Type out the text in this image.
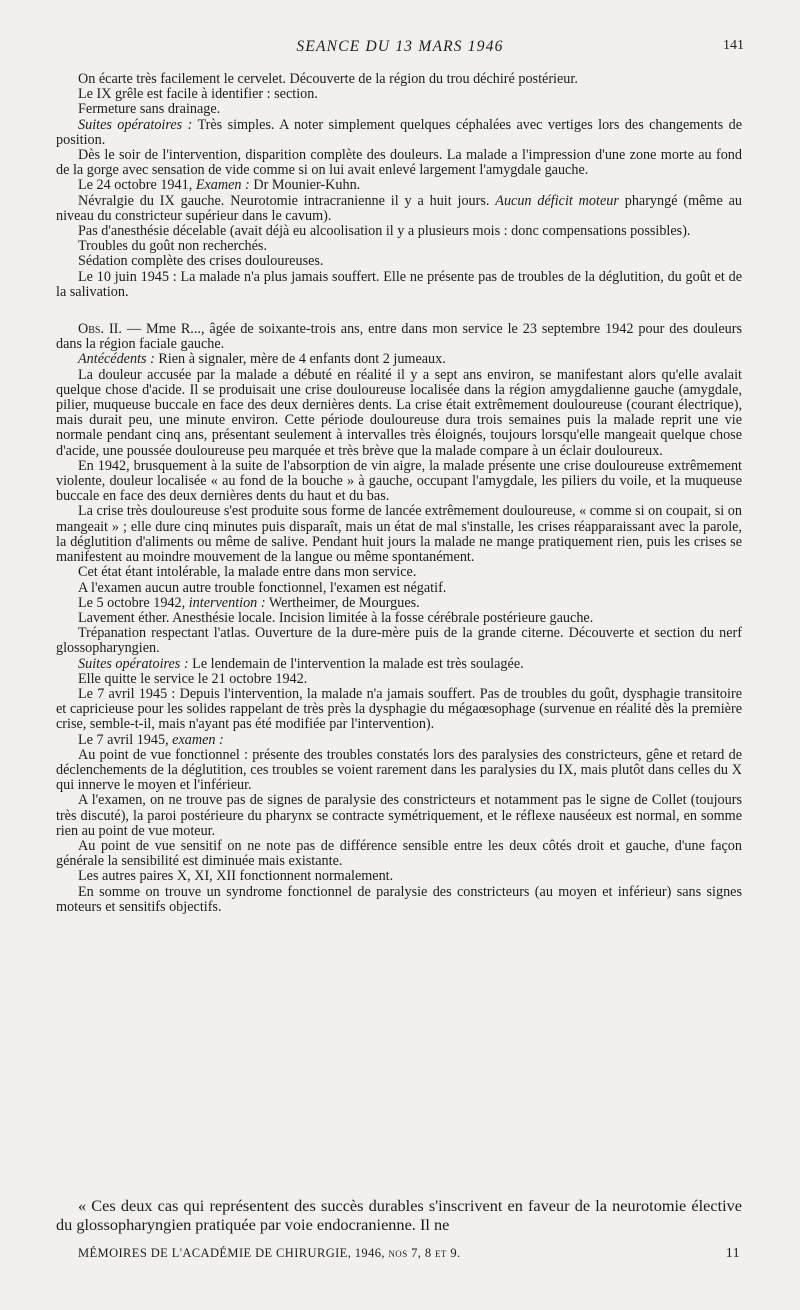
SEANCE DU 13 MARS 1946	141

On écarte très facilement le cervelet. Découverte de la région du trou déchiré postérieur.

Le IX grêle est facile à identifier : section.

Fermeture sans drainage.

Suites opératoires : Très simples. A noter simplement quelques céphalées avec vertiges lors des changements de position.

Dès le soir de l'intervention, disparition complète des douleurs. La malade a l'impression d'une zone morte au fond de la gorge avec sensation de vide comme si on lui avait enlevé largement l'amygdale gauche.

Le 24 octobre 1941, Examen : Dr Mounier-Kuhn.

Névralgie du IX gauche. Neurotomie intracranienne il y a huit jours. Aucun déficit moteur pharyngé (même au niveau du constricteur supérieur dans le cavum).

Pas d'anesthésie décelable (avait déjà eu alcoolisation il y a plusieurs mois : donc compensations possibles).

Troubles du goût non recherchés.

Sédation complète des crises douloureuses.

Le 10 juin 1945 : La malade n'a plus jamais souffert. Elle ne présente pas de troubles de la déglutition, du goût et de la salivation.

Obs. II. — Mme R..., âgée de soixante-trois ans, entre dans mon service le 23 septembre 1942 pour des douleurs dans la région faciale gauche.

Antécédents : Rien à signaler, mère de 4 enfants dont 2 jumeaux.

La douleur accusée par la malade a débuté en réalité il y a sept ans environ, se manifestant alors qu'elle avalait quelque chose d'acide. Il se produisait une crise douloureuse localisée dans la région amygdalienne gauche (amygdale, pilier, muqueuse buccale en face des deux dernières dents. La crise était extrêmement douloureuse (courant électrique), mais durait peu, une minute environ. Cette période douloureuse dura trois semaines puis la malade reprit une vie normale pendant cinq ans, présentant seulement à intervalles très éloignés, toujours lorsqu'elle mangeait quelque chose d'acide, une poussée douloureuse peu marquée et très brève que la malade compare à un éclair douloureux.

En 1942, brusquement à la suite de l'absorption de vin aigre, la malade présente une crise douloureuse extrêmement violente, douleur localisée « au fond de la bouche » à gauche, occupant l'amygdale, les piliers du voile, et la muqueuse buccale en face des deux dernières dents du haut et du bas.

La crise très douloureuse s'est produite sous forme de lancée extrêmement douloureuse, « comme si on coupait, si on mangeait » ; elle dure cinq minutes puis disparaît, mais un état de mal s'installe, les crises réapparaissant avec la parole, la déglutition d'aliments ou même de salive. Pendant huit jours la malade ne mange pratiquement rien, puis les crises se manifestent au moindre mouvement de la langue ou même spontanément.

Cet état étant intolérable, la malade entre dans mon service.

A l'examen aucun autre trouble fonctionnel, l'examen est négatif.

Le 5 octobre 1942, intervention : Wertheimer, de Mourgues.

Lavement éther. Anesthésie locale. Incision limitée à la fosse cérébrale postérieure gauche.

Trépanation respectant l'atlas. Ouverture de la dure-mère puis de la grande citerne. Découverte et section du nerf glossopharyngien.

Suites opératoires : Le lendemain de l'intervention la malade est très soulagée.

Elle quitte le service le 21 octobre 1942.

Le 7 avril 1945 : Depuis l'intervention, la malade n'a jamais souffert. Pas de troubles du goût, dysphagie transitoire et capricieuse pour les solides rappelant de très près la dysphagie du mégaœsophage (survenue en réalité dès la première crise, semble-t-il, mais n'ayant pas été modifiée par l'intervention).

Le 7 avril 1945, examen :

Au point de vue fonctionnel : présente des troubles constatés lors des paralysies des constricteurs, gêne et retard de déclenchements de la déglutition, ces troubles se voient rarement dans les paralysies du IX, mais plutôt dans celles du X qui innerve le moyen et l'inférieur.

A l'examen, on ne trouve pas de signes de paralysie des constricteurs et notamment pas le signe de Collet (toujours très discuté), la paroi postérieure du pharynx se contracte symétriquement, et le réflexe nauséeux est normal, en somme rien au point de vue moteur.

Au point de vue sensitif on ne note pas de différence sensible entre les deux côtés droit et gauche, d'une façon générale la sensibilité est diminuée mais existante.

Les autres paires X, XI, XII fonctionnent normalement.

En somme on trouve un syndrome fonctionnel de paralysie des constricteurs (au moyen et inférieur) sans signes moteurs et sensitifs objectifs.

« Ces deux cas qui représentent des succès durables s'inscrivent en faveur de la neurotomie élective du glossopharyngien pratiquée par voie endocranienne. Il ne
MÉMOIRES DE L'ACADÉMIE DE CHIRURGIE, 1946, nos 7, 8 et 9.	11
